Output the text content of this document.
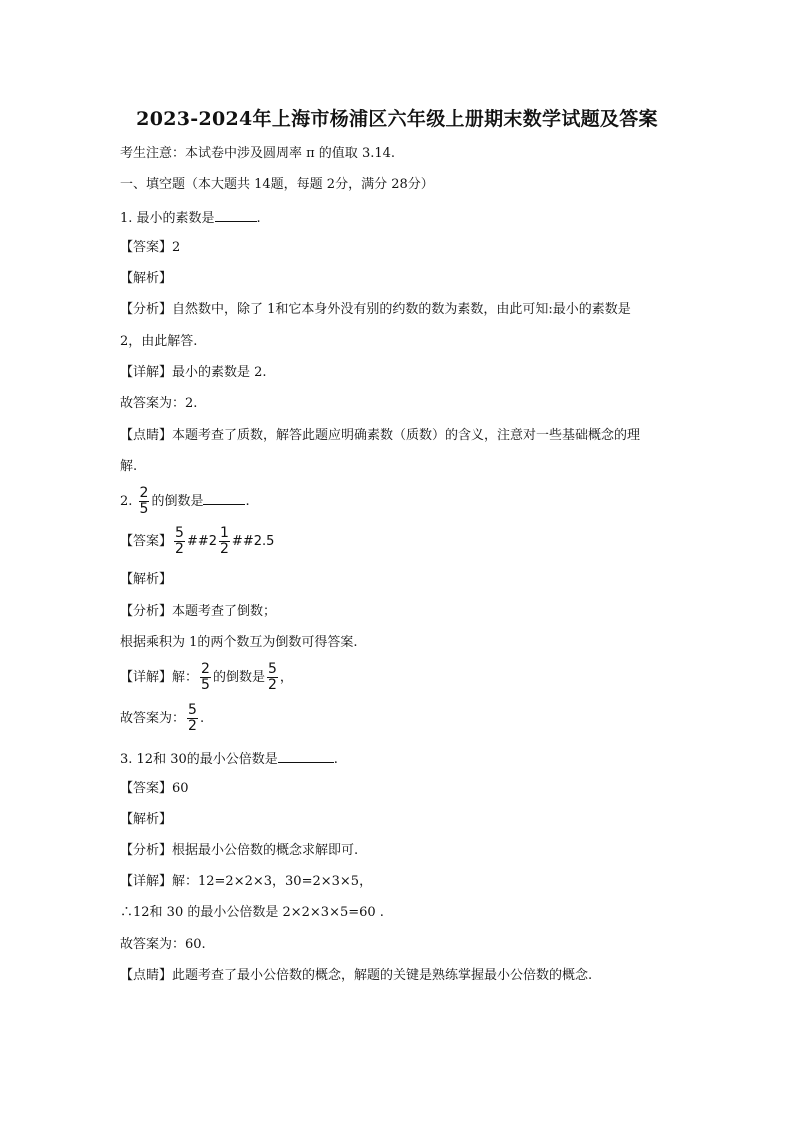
2023-2024年上海市杨浦区六年级上册期末数学试题及答案
考生注意：本试卷中涉及圆周率 π 的值取 3.14.
一、填空题（本大题共 14题，每题 2分，满分 28分）
1. 最小的素数是	.
【答案】2
【解析】
【分析】自然数中，除了 1和它本身外没有别的约数的数为素数，由此可知:最小的素数是
2，由此解答.
【详解】最小的素数是 2.
故答案为：2.
【点睛】本题考查了质数，解答此题应明确素数（质数）的含义，注意对一些基础概念的理
解.
2. $\frac{2}{5}$ 的倒数是	.
【答案】 $\frac{5}{2}$ ##2 $\frac{1}{2}$ ##2.5
【解析】
【分析】本题考查了倒数；
根据乘积为 1的两个数互为倒数可得答案.
【详解】解： $\frac{2}{5}$ 的倒数是 $\frac{5}{2}$ ，
故答案为： $\frac{5}{2}$ .
3. 12和 30的最小公倍数是	.
【答案】60
【解析】
【分析】根据最小公倍数的概念求解即可.
【详解】解：12=2×2×3，30=2×3×5，
∴12和 30 的最小公倍数是 2×2×3×5=60 .
故答案为：60.
【点睛】此题考查了最小公倍数的概念，解题的关键是熟练掌握最小公倍数的概念.
